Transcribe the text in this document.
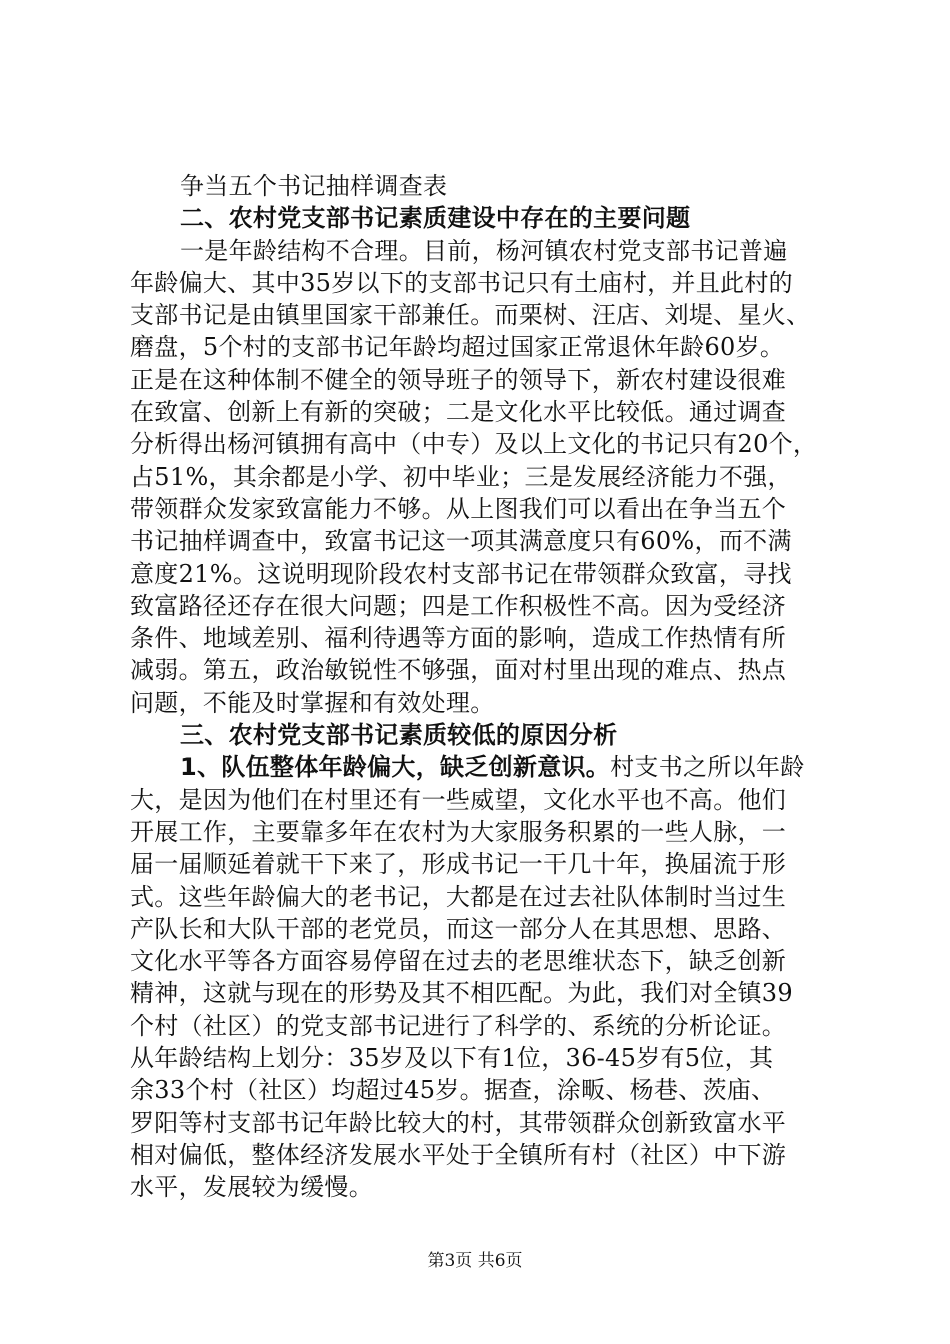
争当五个书记抽样调查表
二、农村党支部书记素质建设中存在的主要问题
一是年龄结构不合理。目前，杨河镇农村党支部书记普遍
年龄偏大、其中35岁以下的支部书记只有土庙村，并且此村的
支部书记是由镇里国家干部兼任。而栗树、汪店、刘堤、星火、
磨盘，5个村的支部书记年龄均超过国家正常退休年龄60岁。
正是在这种体制不健全的领导班子的领导下，新农村建设很难
在致富、创新上有新的突破；二是文化水平比较低。通过调查
分析得出杨河镇拥有高中（中专）及以上文化的书记只有20个，
占51%，其余都是小学、初中毕业；三是发展经济能力不强，
带领群众发家致富能力不够。从上图我们可以看出在争当五个
书记抽样调查中，致富书记这一项其满意度只有60%，而不满
意度21%。这说明现阶段农村支部书记在带领群众致富，寻找
致富路径还存在很大问题；四是工作积极性不高。因为受经济
条件、地域差别、福利待遇等方面的影响，造成工作热情有所
减弱。第五，政治敏锐性不够强，面对村里出现的难点、热点
问题，不能及时掌握和有效处理。
三、农村党支部书记素质较低的原因分析
1、队伍整体年龄偏大，缺乏创新意识。村支书之所以年龄
大，是因为他们在村里还有一些威望，文化水平也不高。他们
开展工作，主要靠多年在农村为大家服务积累的一些人脉，一
届一届顺延着就干下来了，形成书记一干几十年，换届流于形
式。这些年龄偏大的老书记，大都是在过去社队体制时当过生
产队长和大队干部的老党员，而这一部分人在其思想、思路、
文化水平等各方面容易停留在过去的老思维状态下，缺乏创新
精神，这就与现在的形势及其不相匹配。为此，我们对全镇39
个村（社区）的党支部书记进行了科学的、系统的分析论证。
从年龄结构上划分：35岁及以下有1位，36-45岁有5位，其
余33个村（社区）均超过45岁。据查，涂畈、杨巷、茨庙、
罗阳等村支部书记年龄比较大的村，其带领群众创新致富水平
相对偏低，整体经济发展水平处于全镇所有村（社区）中下游
水平，发展较为缓慢。
第3页 共6页
